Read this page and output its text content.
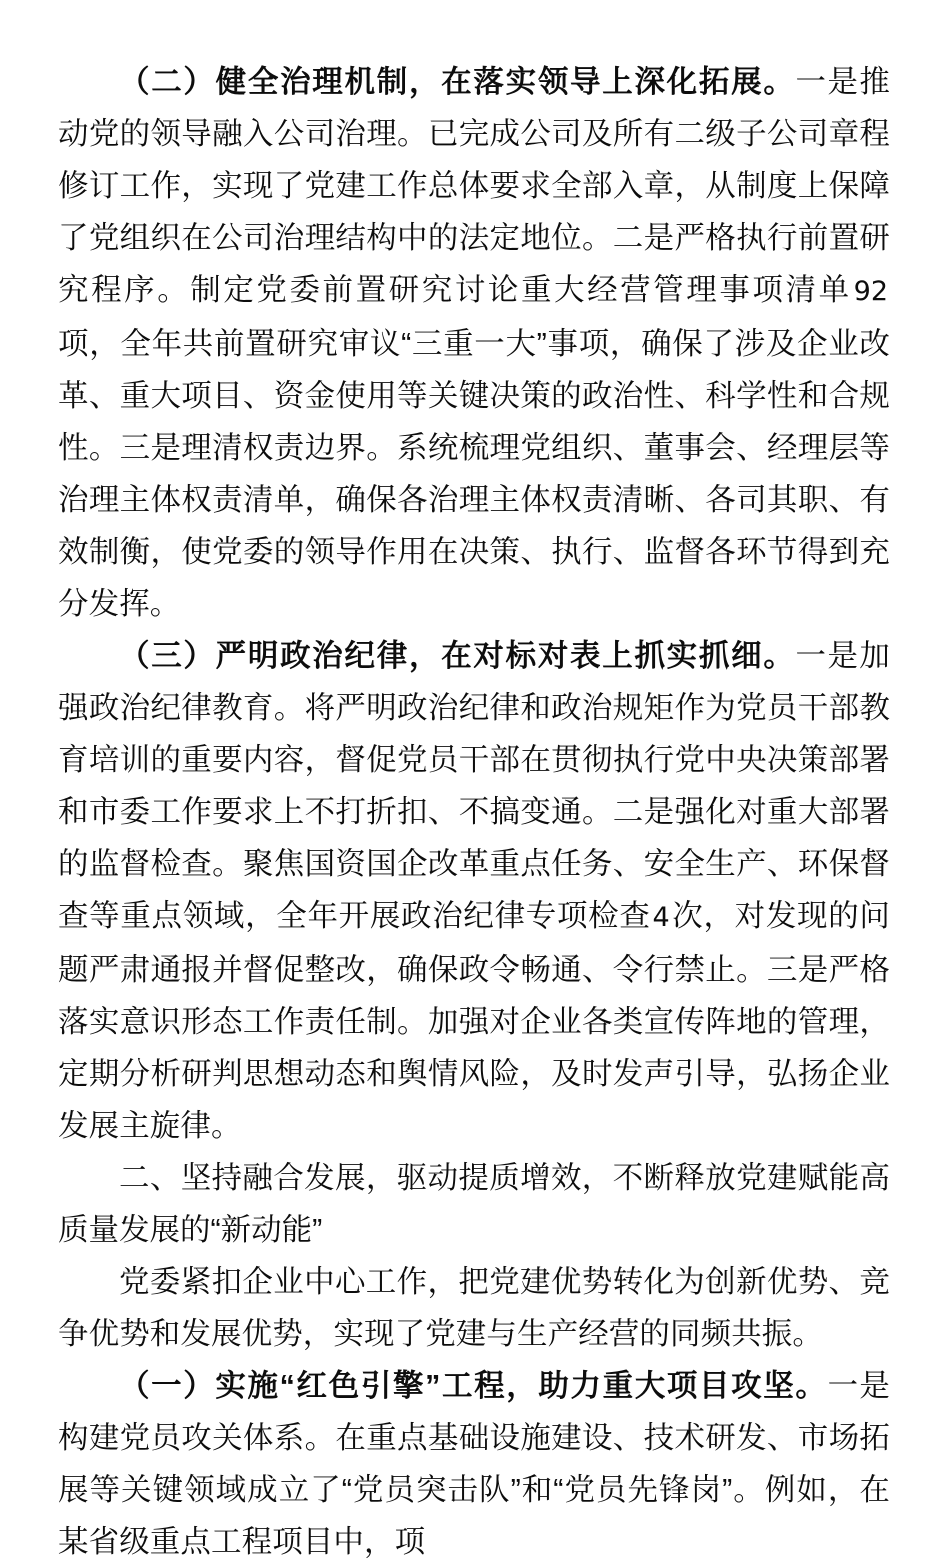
（二）健全治理机制，在落实领导上深化拓展。一是推动党的领导融入公司治理。已完成公司及所有二级子公司章程修订工作，实现了党建工作总体要求全部入章，从制度上保障了党组织在公司治理结构中的法定地位。二是严格执行前置研究程序。制定党委前置研究讨论重大经营管理事项清单92项，全年共前置研究审议“三重一大”事项，确保了涉及企业改革、重大项目、资金使用等关键决策的政治性、科学性和合规性。三是理清权责边界。系统梳理党组织、董事会、经理层等治理主体权责清单，确保各治理主体权责清晰、各司其职、有效制衡，使党委的领导作用在决策、执行、监督各环节得到充分发挥。

（三）严明政治纪律，在对标对表上抓实抓细。一是加强政治纪律教育。将严明政治纪律和政治规矩作为党员干部教育培训的重要内容，督促党员干部在贯彻执行党中央决策部署和市委工作要求上不打折扣、不搞变通。二是强化对重大部署的监督检查。聚焦国资国企改革重点任务、安全生产、环保督查等重点领域，全年开展政治纪律专项检查4次，对发现的问题严肃通报并督促整改，确保政令畅通、令行禁止。三是严格落实意识形态工作责任制。加强对企业各类宣传阵地的管理，定期分析研判思想动态和舆情风险，及时发声引导，弘扬企业发展主旋律。

二、坚持融合发展，驱动提质增效，不断释放党建赋能高质量发展的“新动能”

党委紧扣企业中心工作，把党建优势转化为创新优势、竞争优势和发展优势，实现了党建与生产经营的同频共振。

（一）实施“红色引擎”工程，助力重大项目攻坚。一是构建党员攻关体系。在重点基础设施建设、技术研发、市场拓展等关键领域成立了“党员突击队”和“党员先锋岗”。例如，在某省级重点工程项目中，项
